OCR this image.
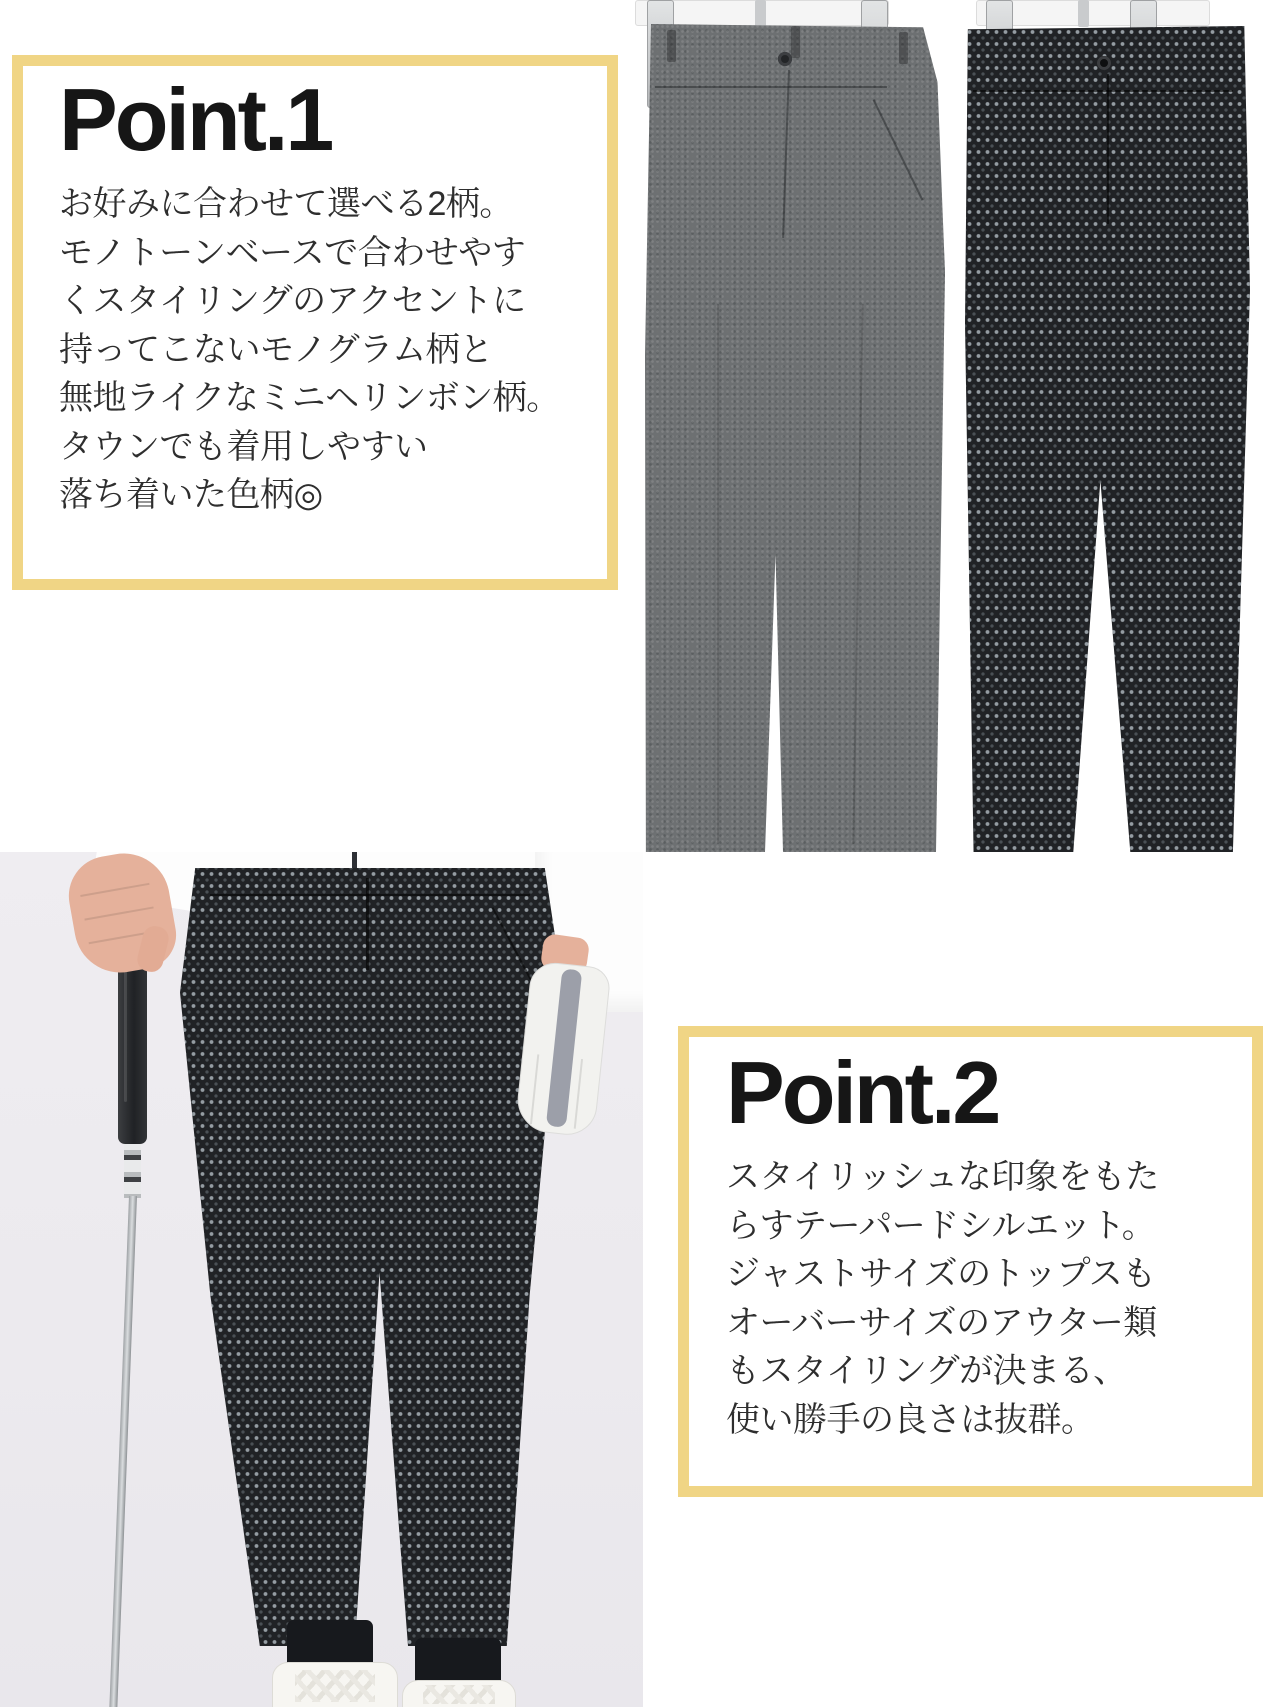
Point.1
お好みに合わせて選べる2柄。
モノトーンベースで合わせやす
くスタイリングのアクセントに
持ってこないモノグラム柄と
無地ライクなミニヘリンボン柄。
タウンでも着用しやすい
落ち着いた色柄◎
Point.2
スタイリッシュな印象をもた
らすテーパードシルエット。
ジャストサイズのトップスも
オーバーサイズのアウター類
もスタイリングが決まる、
使い勝手の良さは抜群。
